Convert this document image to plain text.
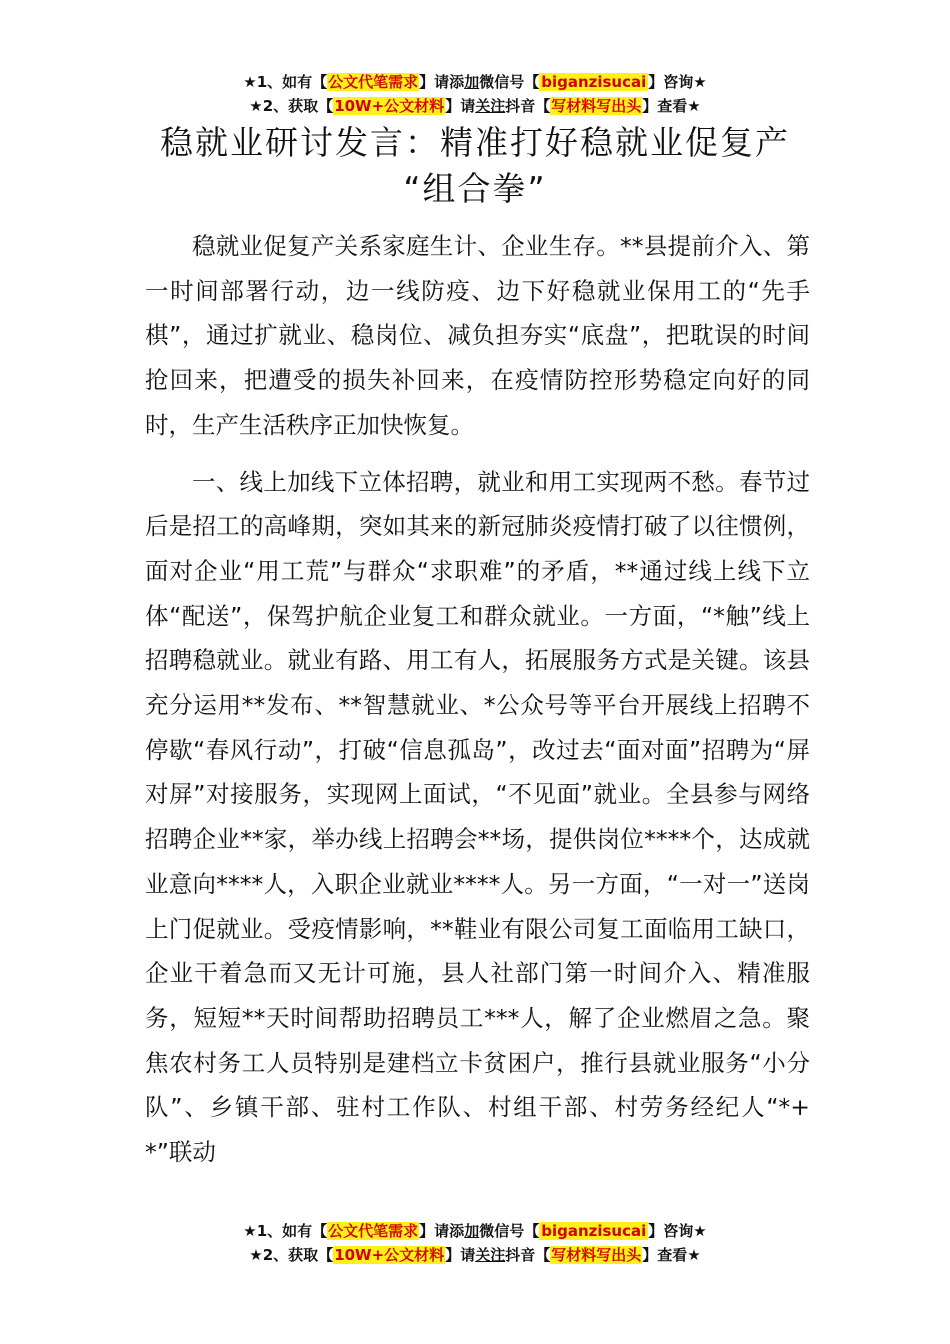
★1、如有【公文代笔需求】请添加微信号【 biganzisucai 】咨询★
★2、获取【10W+公文材料】请关注抖音【写材料写出头】查看★
稳就业研讨发言：精准打好稳就业促复产
“组合拳”

稳就业促复产关系家庭生计、企业生存。**县提前介入、第一时间部署行动，边一线防疫、边下好稳就业保用工的“先手棋”，通过扩就业、稳岗位、减负担夯实“底盘”，把耽误的时间抢回来，把遭受的损失补回来，在疫情防控形势稳定向好的同时，生产生活秩序正加快恢复。

一、线上加线下立体招聘，就业和用工实现两不愁。春节过后是招工的高峰期，突如其来的新冠肺炎疫情打破了以往惯例，面对企业“用工荒”与群众“求职难”的矛盾，**通过线上线下立体“配送”，保驾护航企业复工和群众就业。一方面，“*触”线上招聘稳就业。就业有路、用工有人，拓展服务方式是关键。该县充分运用**发布、**智慧就业、*公众号等平台开展线上招聘不停歇“春风行动”，打破“信息孤岛”，改过去“面对面”招聘为“屏对屏”对接服务，实现网上面试，“不见面”就业。全县参与网络招聘企业**家，举办线上招聘会**场，提供岗位****个，达成就业意向****人，入职企业就业****人。另一方面，“一对一”送岗上门促就业。受疫情影响，**鞋业有限公司复工面临用工缺口，企业干着急而又无计可施，县人社部门第一时间介入、精准服务，短短**天时间帮助招聘员工***人，解了企业燃眉之急。聚焦农村务工人员特别是建档立卡贫困户，推行县就业服务“小分队”、乡镇干部、驻村工作队、村组干部、村劳务经纪人“*+*”联动

★1、如有【公文代笔需求】请添加微信号【 biganzisucai 】咨询★
★2、获取【10W+公文材料】请关注抖音【写材料写出头】查看★
